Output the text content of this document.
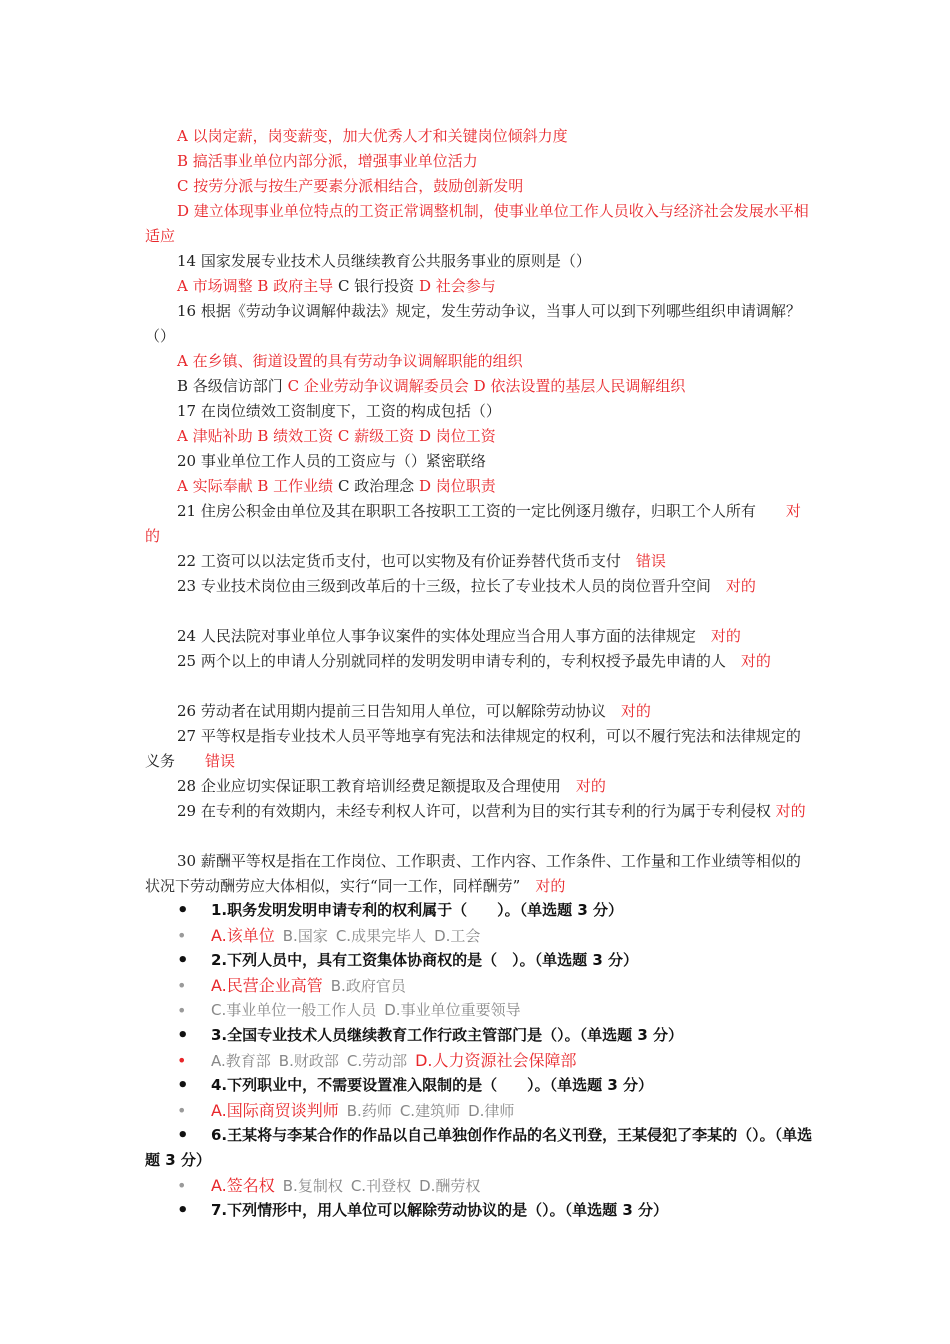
A 以岗定薪，岗变薪变，加大优秀人才和关键岗位倾斜力度

B 搞活事业单位内部分派，增强事业单位活力

C 按劳分派与按生产要素分派相结合，鼓励创新发明

D 建立体现事业单位特点的工资正常调整机制，使事业单位工作人员收入与经济社会发展水平相适应

14 国家发展专业技术人员继续教育公共服务事业的原则是（）

A 市场调整 B 政府主导 C 银行投资 D 社会参与

16 根据《劳动争议调解仲裁法》规定，发生劳动争议，当事人可以到下列哪些组织申请调解？（）

A 在乡镇、街道设置的具有劳动争议调解职能的组织

B 各级信访部门 C 企业劳动争议调解委员会 D 依法设置的基层人民调解组织

17 在岗位绩效工资制度下，工资的构成包括（）

A 津贴补助 B 绩效工资 C 薪级工资 D 岗位工资

20 事业单位工作人员的工资应与（）紧密联络

A 实际奉献 B 工作业绩 C 政治理念 D 岗位职责

21 住房公积金由单位及其在职职工各按职工工资的一定比例逐月缴存，归职工个人所有　　对的

22 工资可以以法定货币支付，也可以实物及有价证券替代货币支付　错误

23 专业技术岗位由三级到改革后的十三级，拉长了专业技术人员的岗位晋升空间　对的

24 人民法院对事业单位人事争议案件的实体处理应当合用人事方面的法律规定　对的

25 两个以上的申请人分别就同样的发明发明申请专利的，专利权授予最先申请的人　对的

26 劳动者在试用期内提前三日告知用人单位，可以解除劳动协议　对的

27 平等权是指专业技术人员平等地享有宪法和法律规定的权利，可以不履行宪法和法律规定的义务　　错误

28 企业应切实保证职工教育培训经费足额提取及合理使用　对的

29 在专利的有效期内，未经专利权人许可，以营利为目的实行其专利的行为属于专利侵权 对的

30 薪酬平等权是指在工作岗位、工作职责、工作内容、工作条件、工作量和工作业绩等相似的状况下劳动酬劳应大体相似，实行“同一工作，同样酬劳”　对的

•	1.职务发明发明申请专利的权利属于（　　）。（单选题 3 分）
•	A.该单位 B.国家 C.成果完毕人 D.工会
•	2.下列人员中，具有工资集体协商权的是（　）。（单选题 3 分）
•	A.民营企业高管 B.政府官员
•	C.事业单位一般工作人员 D.事业单位重要领导
•	3.全国专业技术人员继续教育工作行政主管部门是（）。（单选题 3 分）
•	A.教育部 B.财政部 C.劳动部 D.人力资源社会保障部
•	4.下列职业中，不需要设置准入限制的是（　　）。（单选题 3 分）
•	A.国际商贸谈判师 B.药师 C.建筑师 D.律师
•	6.王某将与李某合作的作品以自己单独创作作品的名义刊登，王某侵犯了李某的（）。（单选题 3 分）
•	A.签名权 B.复制权 C.刊登权 D.酬劳权
•	7.下列情形中，用人单位可以解除劳动协议的是（）。（单选题 3 分）
